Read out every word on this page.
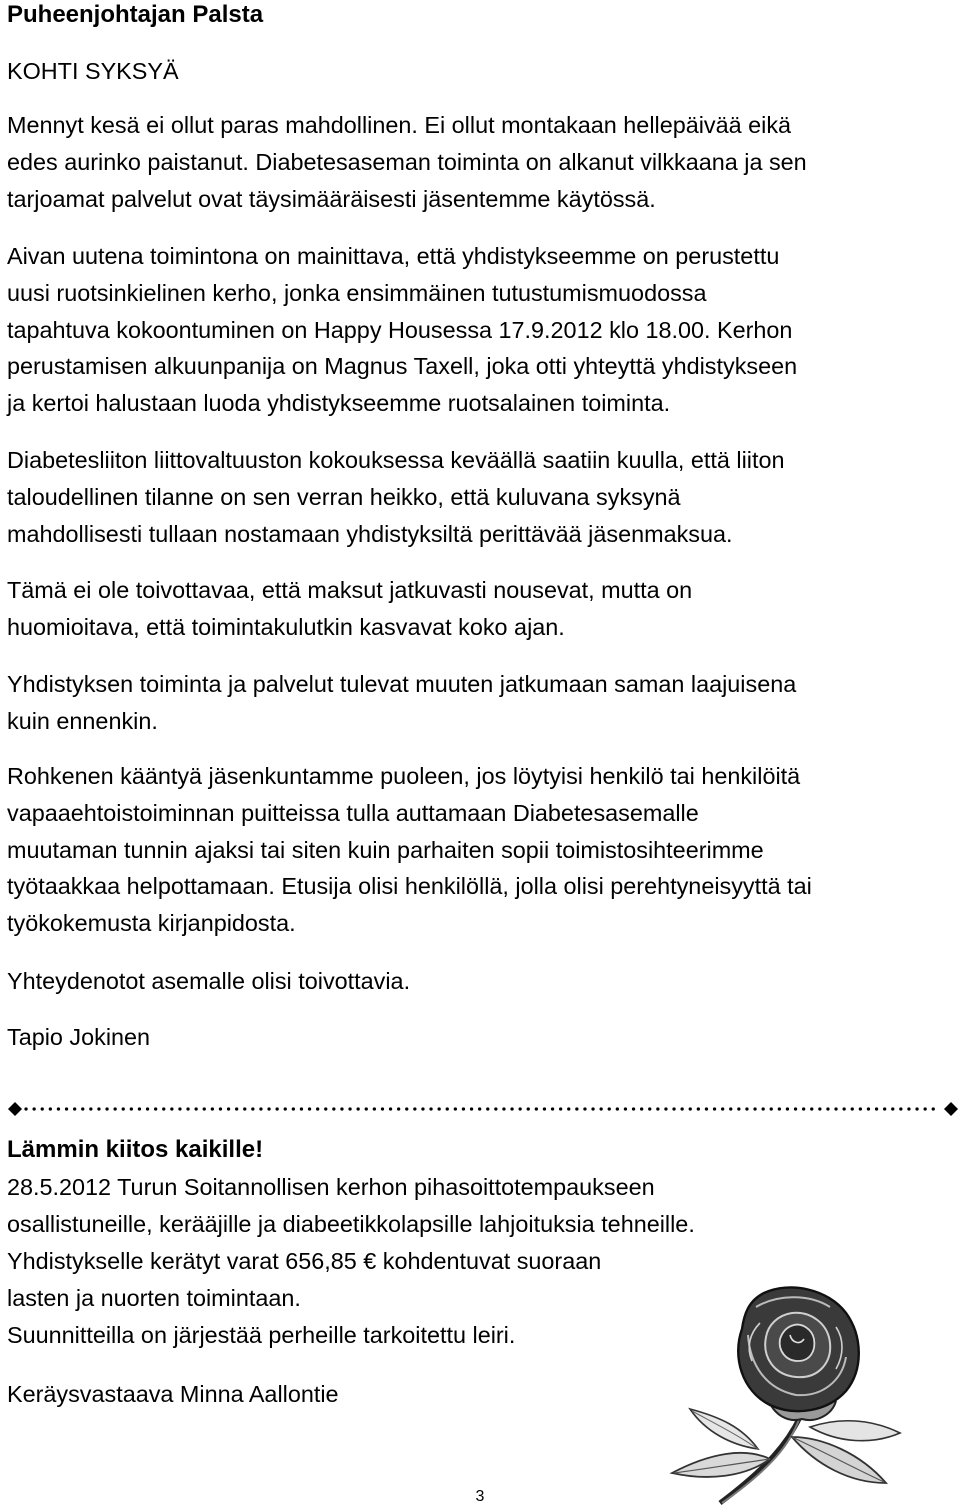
Puheenjohtajan Palsta

KOHTI SYKSYÄ

Mennyt kesä ei ollut paras mahdollinen. Ei ollut montakaan hellepäivää eikä
edes aurinko paistanut. Diabetesaseman toiminta on alkanut vilkkaana ja sen
tarjoamat palvelut ovat täysimääräisesti jäsentemme käytössä.

Aivan uutena toimintona on mainittava, että yhdistykseemme on perustettu
uusi ruotsinkielinen kerho, jonka ensimmäinen tutustumismuodossa
tapahtuva kokoontuminen on Happy Housessa 17.9.2012 klo 18.00. Kerhon
perustamisen alkuunpanija on Magnus Taxell, joka otti yhteyttä yhdistykseen
ja kertoi halustaan luoda yhdistykseemme ruotsalainen toiminta.

Diabetesliiton liittovaltuuston kokouksessa keväällä saatiin kuulla, että liiton
taloudellinen tilanne on sen verran heikko, että kuluvana syksynä
mahdollisesti tullaan nostamaan yhdistyksiltä perittävää jäsenmaksua.

Tämä ei ole toivottavaa, että maksut jatkuvasti nousevat, mutta on
huomioitava, että toimintakulutkin kasvavat koko ajan.

Yhdistyksen toiminta ja palvelut tulevat muuten jatkumaan saman laajuisena
kuin ennenkin.

Rohkenen kääntyä jäsenkuntamme puoleen, jos löytyisi henkilö tai henkilöitä
vapaaehtoistoiminnan puitteissa tulla auttamaan Diabetesasemalle
muutaman tunnin ajaksi tai siten kuin parhaiten sopii toimistosihteerimme
työtaakkaa helpottamaan. Etusija olisi henkilöllä, jolla olisi perehtyneisyyttä tai
työkokemusta kirjanpidosta.

Yhteydenotot asemalle olisi toivottavia.

Tapio Jokinen

Lämmin kiitos kaikille!

28.5.2012 Turun Soitannollisen kerhon pihasoittotempaukseen

osallistuneille, kerääjille ja diabeetikkolapsille lahjoituksia tehneille.

Yhdistykselle kerätyt varat 656,85 € kohdentuvat suoraan

lasten ja nuorten toimintaan.

Suunnitteilla on järjestää perheille tarkoitettu leiri.

Keräysvastaava Minna Aallontie

3
